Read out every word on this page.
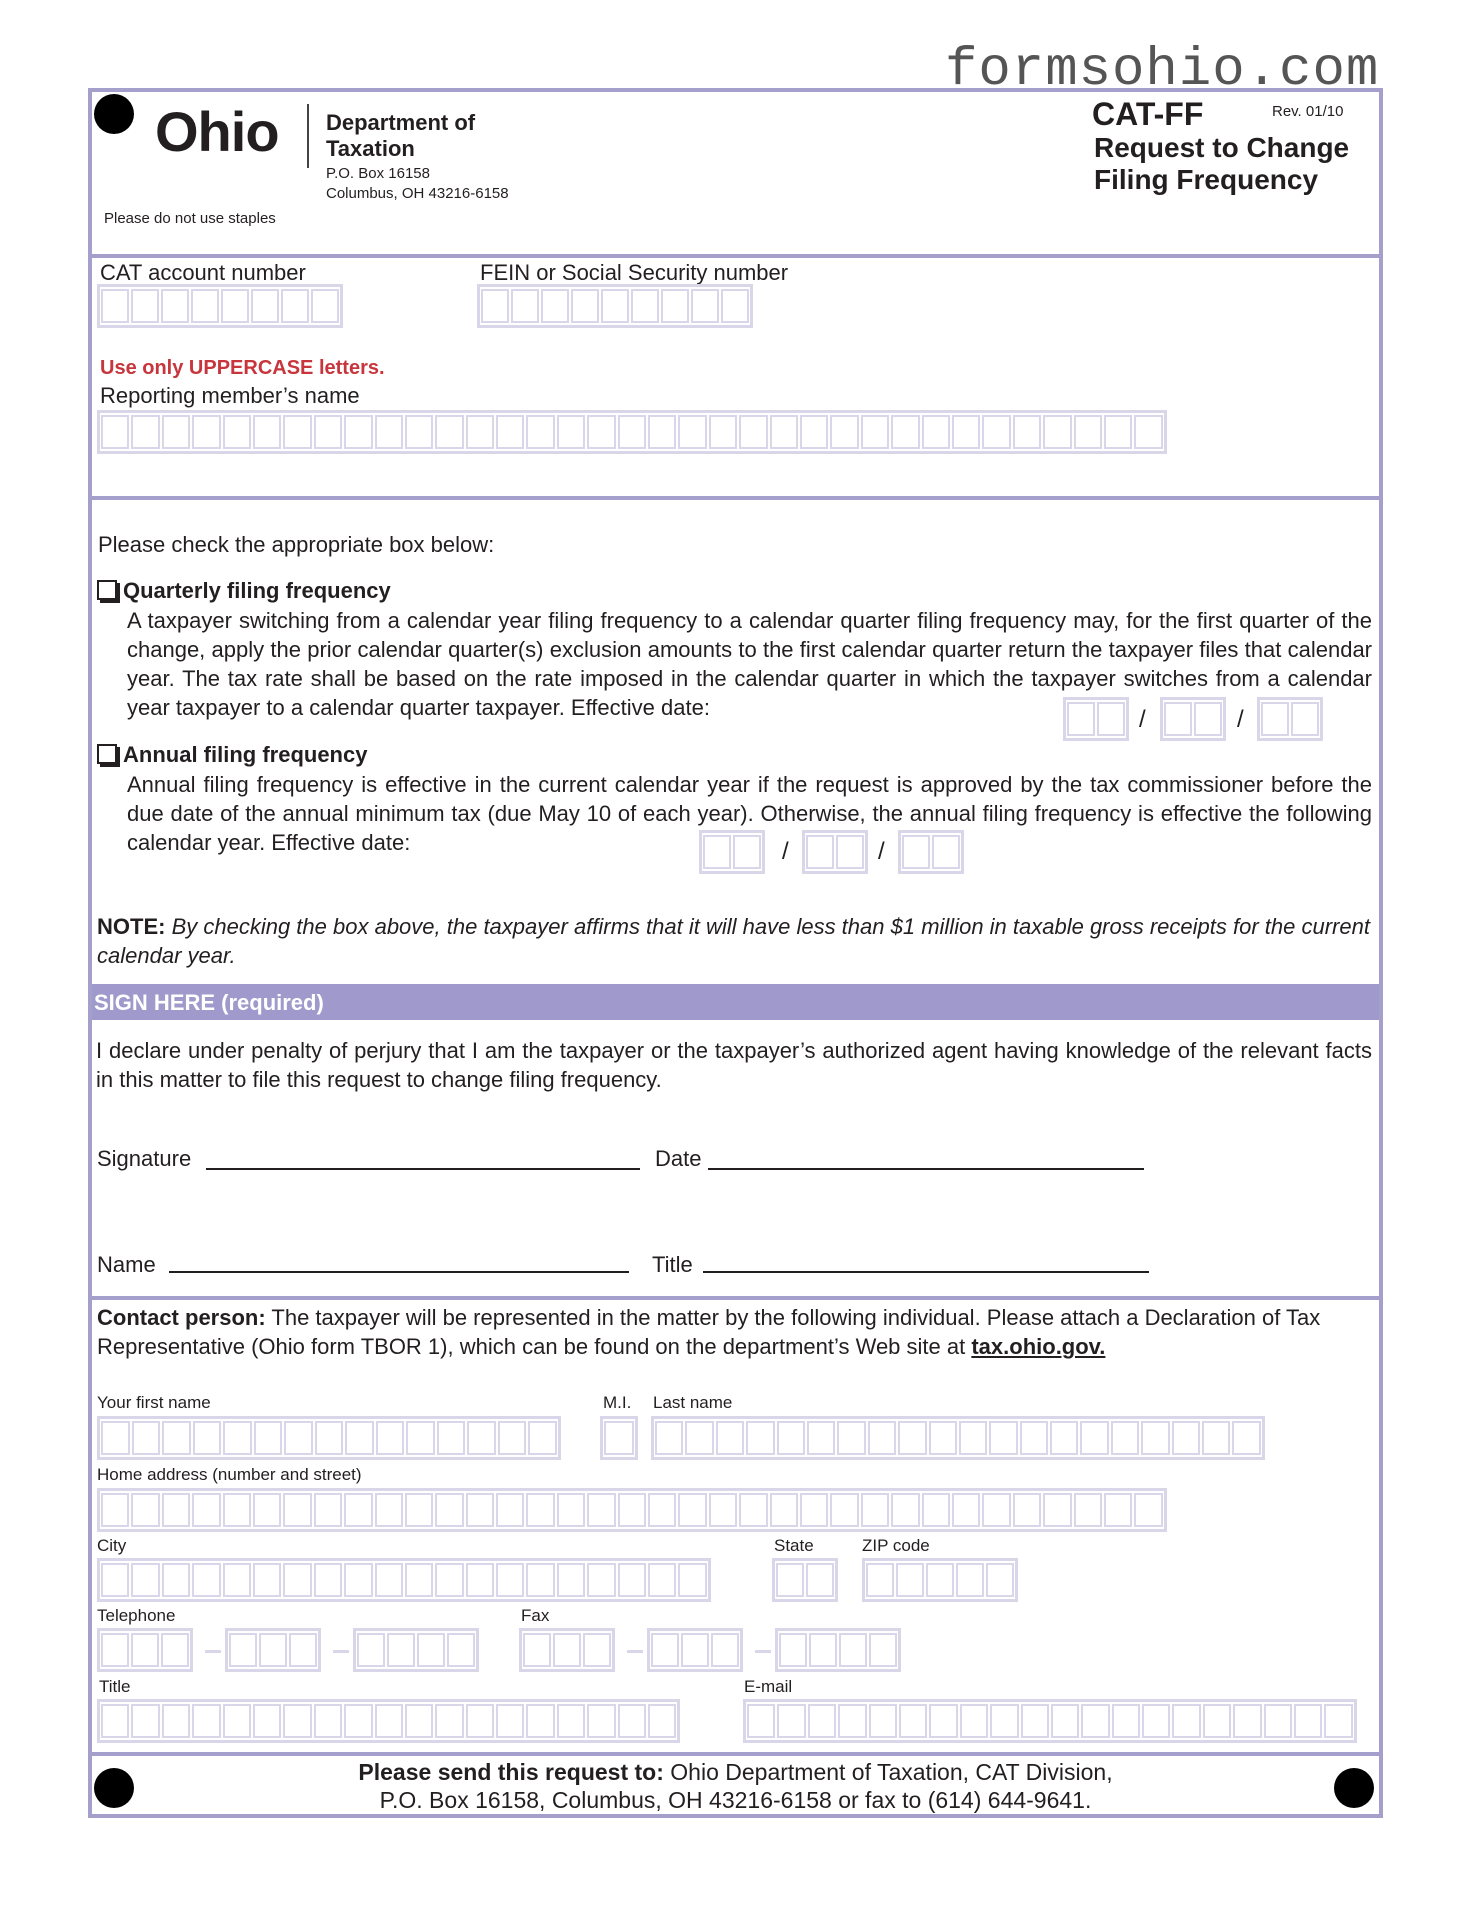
formsohio.com
Ohio Department of
Taxation
P.O. Box 16158
Columbus, OH 43216-6158
Please do not use staples
CAT-FF	Rev. 01/10
Request to Change
Filing Frequency
CAT account number	FEIN or Social Security number
Use only UPPERCASE letters.
Reporting member’s name
Please check the appropriate box below:
Quarterly filing frequency
A taxpayer switching from a calendar year filing frequency to a calendar quarter filing frequency may, for the first quarter of the change, apply the prior calendar quarter(s) exclusion amounts to the first calendar quarter return the taxpayer files that calendar year. The tax rate shall be based on the rate imposed in the calendar quarter in which the taxpayer switches from a calendar year taxpayer to a calendar quarter taxpayer. Effective date:	/	/
Annual filing frequency
Annual filing frequency is effective in the current calendar year if the request is approved by the tax commissioner before the due date of the annual minimum tax (due May 10 of each year). Otherwise, the annual filing frequency is effective the following calendar year. Effective date:	/	/
NOTE: By checking the box above, the taxpayer affirms that it will have less than $1 million in taxable gross receipts for the current calendar year.
SIGN HERE (required)
I declare under penalty of perjury that I am the taxpayer or the taxpayer’s authorized agent having knowledge of the relevant facts in this matter to file this request to change filing frequency.
Signature	Date
Name	Title
Contact person: The taxpayer will be represented in the matter by the following individual. Please attach a Declaration of Tax Representative (Ohio form TBOR 1), which can be found on the department’s Web site at tax.ohio.gov.
Your first name	M.I. Last name
Home address (number and street)
City	State	ZIP code
Telephone	Fax
Title	E-mail
Please send this request to: Ohio Department of Taxation, CAT Division,
P.O. Box 16158, Columbus, OH 43216-6158 or fax to (614) 644-9641.
